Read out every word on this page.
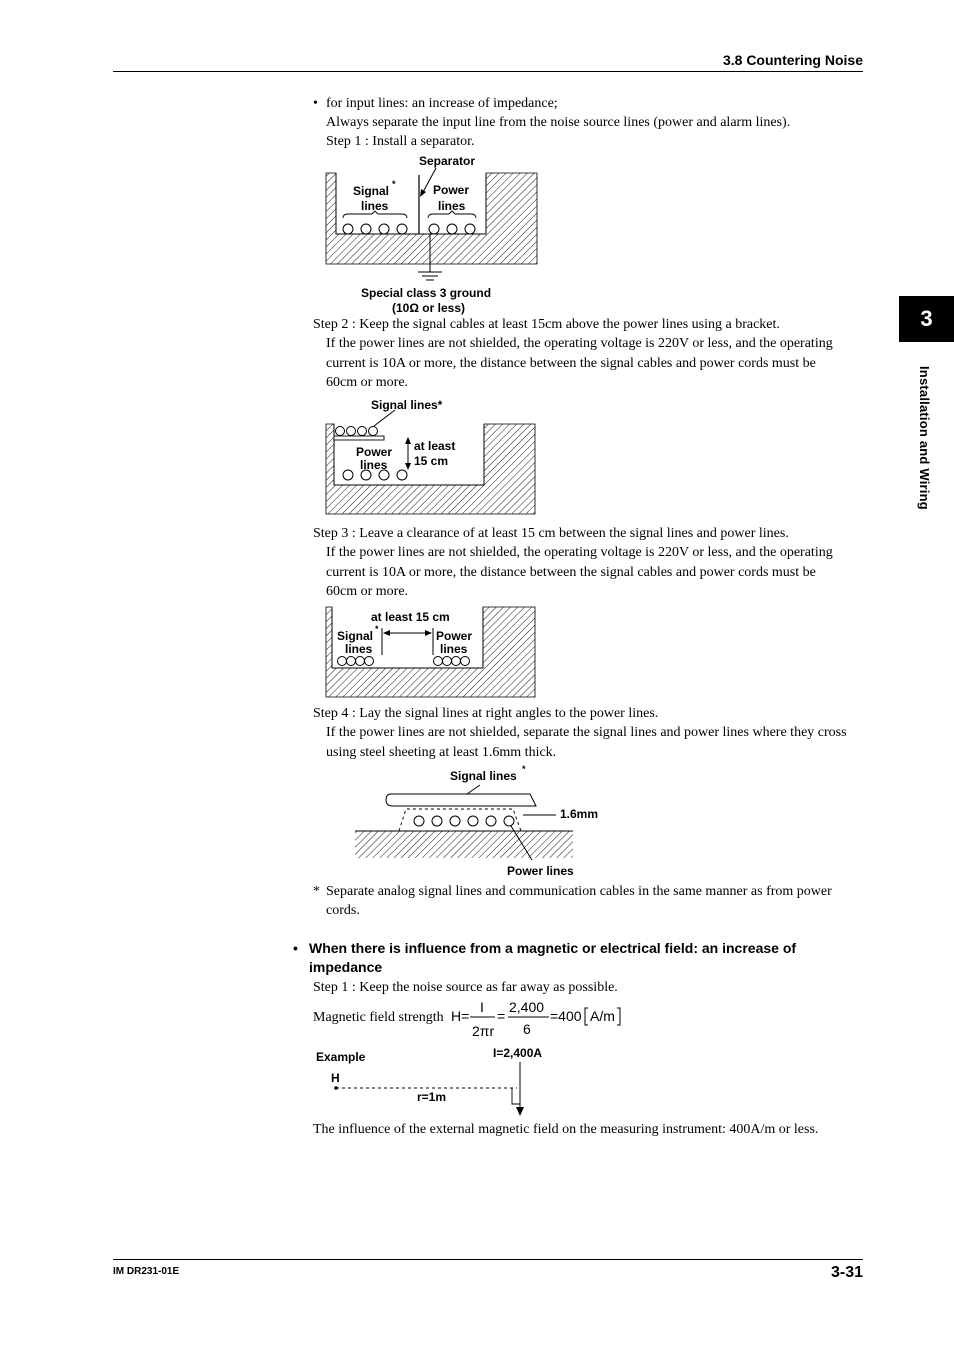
3.8 Countering Noise
3
Installation and Wiring
• for input lines: an increase of impedance;
Always separate the input line from the noise source lines (power and alarm lines).
Step 1 : Install a separator.
Separator
Signal *
lines
Power
lines
Special class 3 ground
(10Ω or less)
Step 2 : Keep the signal cables at least 15cm above the power lines using a bracket.
If the power lines are not shielded, the operating voltage is 220V or less, and the operating
current is 10A or more, the distance between the signal cables and power cords must be
60cm or more.
Signal lines*
Power
lines
at least
15 cm
Step 3 : Leave a clearance of at least 15 cm between the signal lines and power lines.
If the power lines are not shielded, the operating voltage is 220V or less, and the operating
current is 10A or more, the distance between the signal cables and power cords must be
60cm or more.
at least 15 cm
Signal *
lines
Power
lines
Step 4 : Lay the signal lines at right angles to the power lines.
If the power lines are not shielded, separate the signal lines and power lines where they cross
using steel sheeting at least 1.6mm thick.
Signal lines *
1.6mm
Power lines
* Separate analog signal lines and communication cables in the same manner as from power
cords.
• When there is influence from a magnetic or electrical field: an increase of
impedance
Step 1 : Keep the noise source as far away as possible.
Magnetic field strength H=
I
2πr
=
2,400
6
=400 A/m
Example	I=2,400A
H
r=1m
The influence of the external magnetic field on the measuring instrument: 400A/m or less.
IM DR231-01E	3-31
